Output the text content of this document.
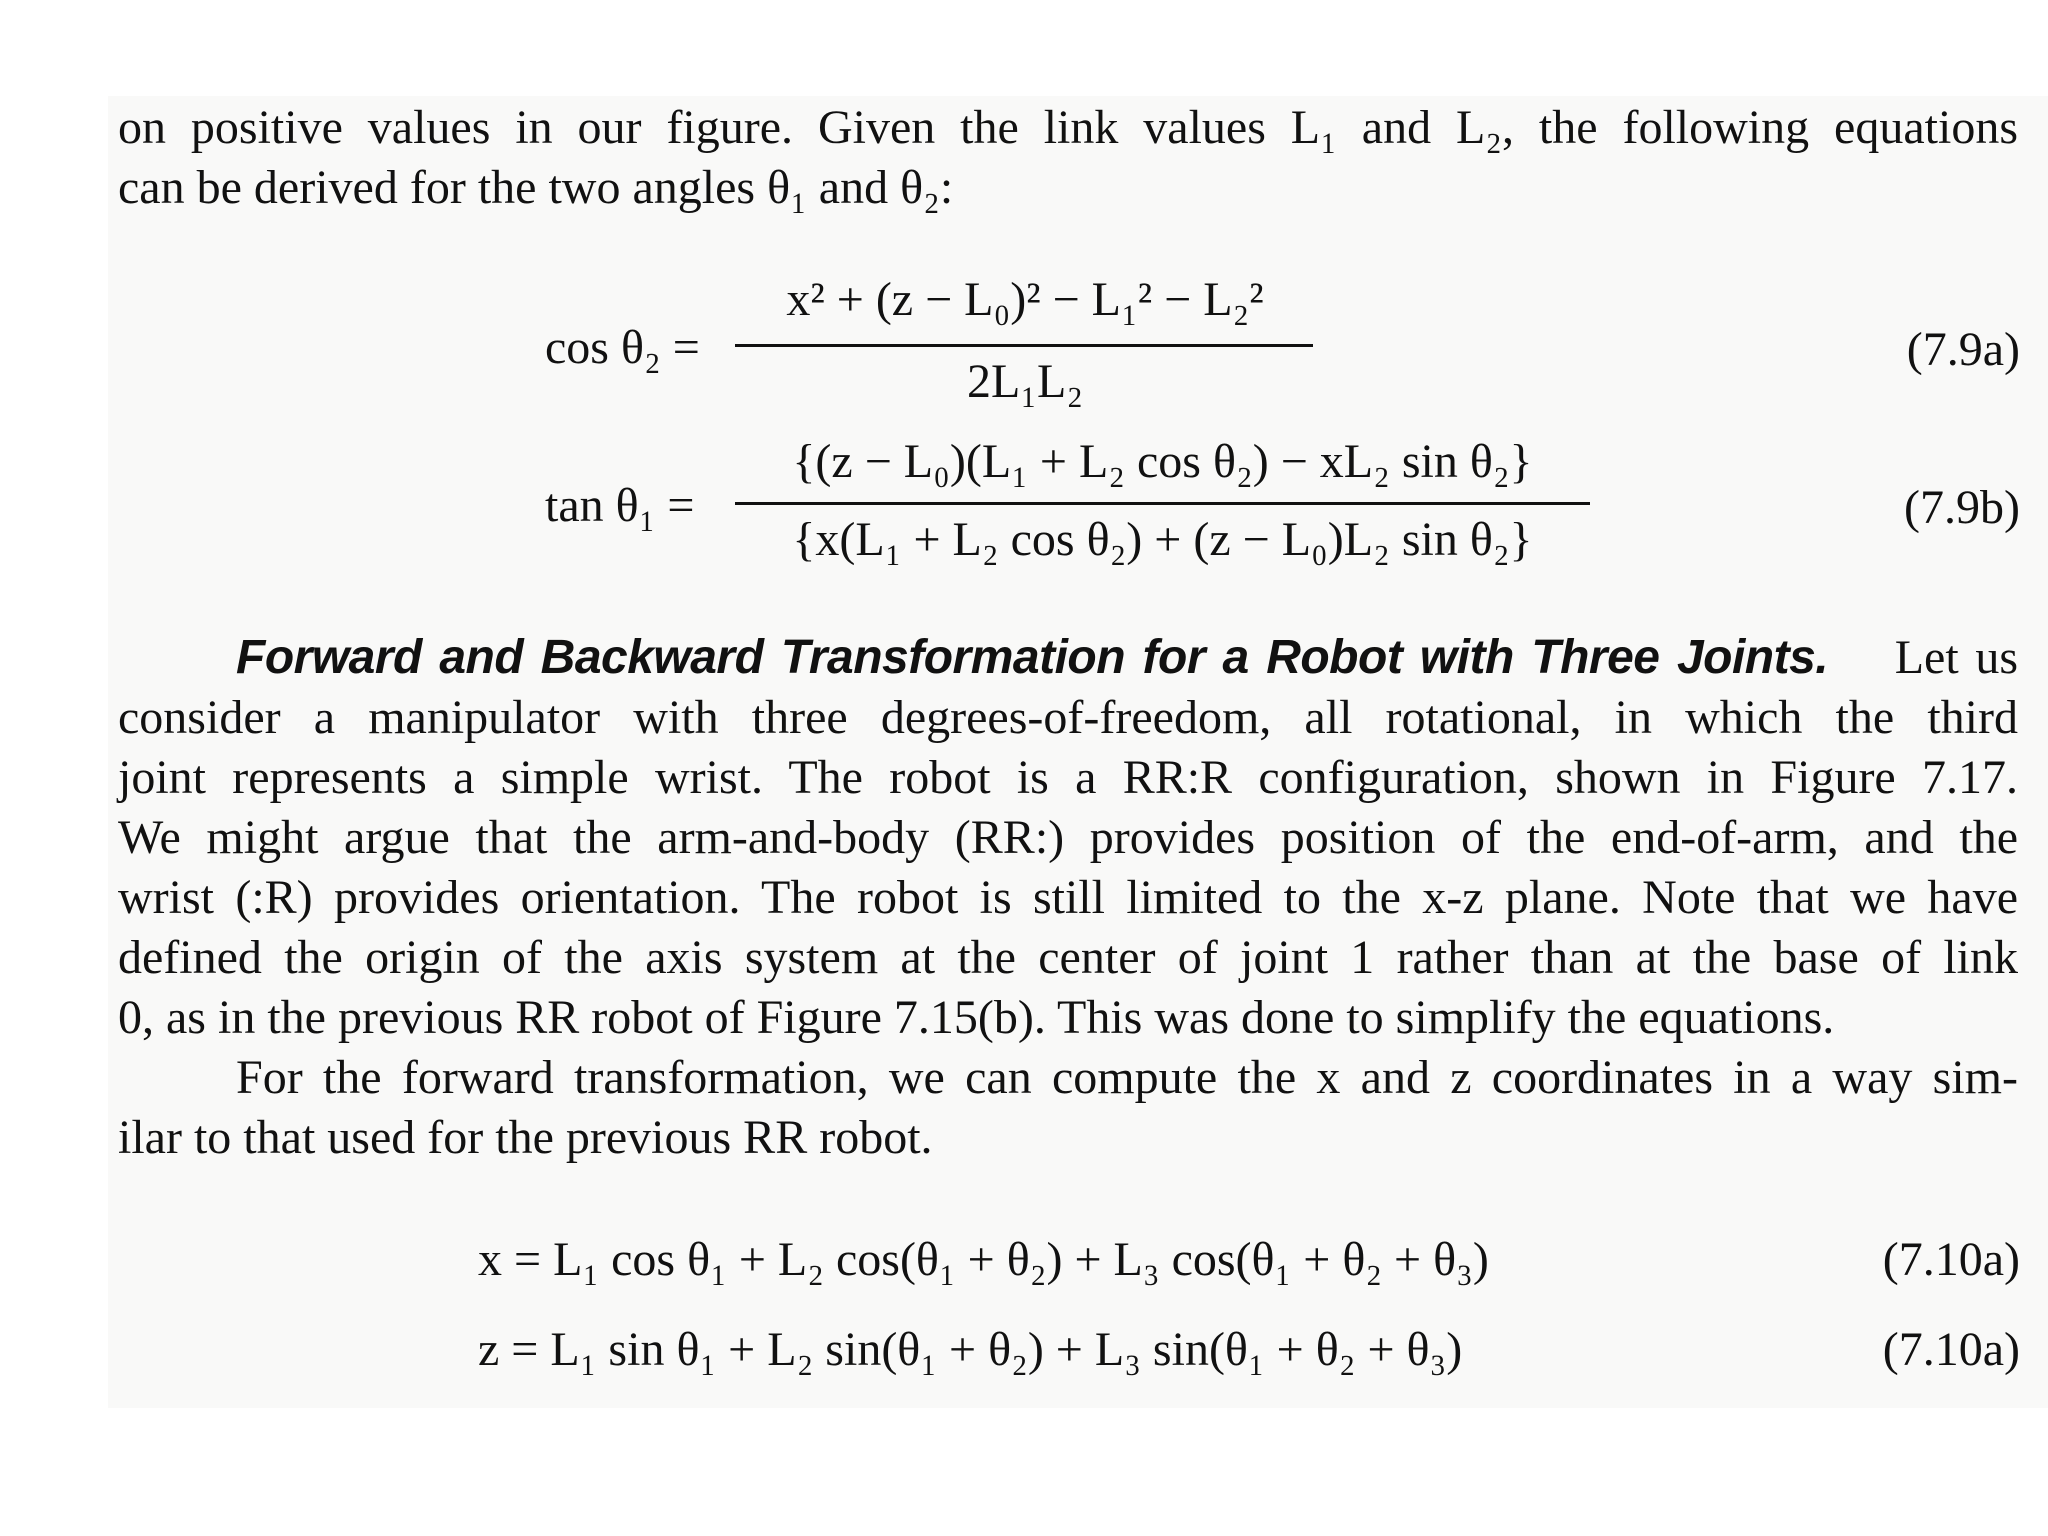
on positive values in our figure. Given the link values L₁ and L₂, the following equations
can be derived for the two angles θ₁ and θ₂:
cos θ₂ =
x² + (z − L₀)² − L₁² − L₂²
2L₁L₂
(7.9a)
tan θ₁ =
{(z − L₀)(L₁ + L₂ cos θ₂) − xL₂ sin θ₂}
{x(L₁ + L₂ cos θ₂) + (z − L₀)L₂ sin θ₂}
(7.9b)
Forward and Backward Transformation for a Robot with Three Joints. Let us
consider a manipulator with three degrees-of-freedom, all rotational, in which the third
joint represents a simple wrist. The robot is a RR:R configuration, shown in Figure 7.17.
We might argue that the arm-and-body (RR:) provides position of the end-of-arm, and the
wrist (:R) provides orientation. The robot is still limited to the x-z plane. Note that we have
defined the origin of the axis system at the center of joint 1 rather than at the base of link
0, as in the previous RR robot of Figure 7.15(b). This was done to simplify the equations.
For the forward transformation, we can compute the x and z coordinates in a way sim-
ilar to that used for the previous RR robot.
x = L₁ cos θ₁ + L₂ cos(θ₁ + θ₂) + L₃ cos(θ₁ + θ₂ + θ₃)	(7.10a)
z = L₁ sin θ₁ + L₂ sin(θ₁ + θ₂) + L₃ sin(θ₁ + θ₂ + θ₃)	(7.10a)
